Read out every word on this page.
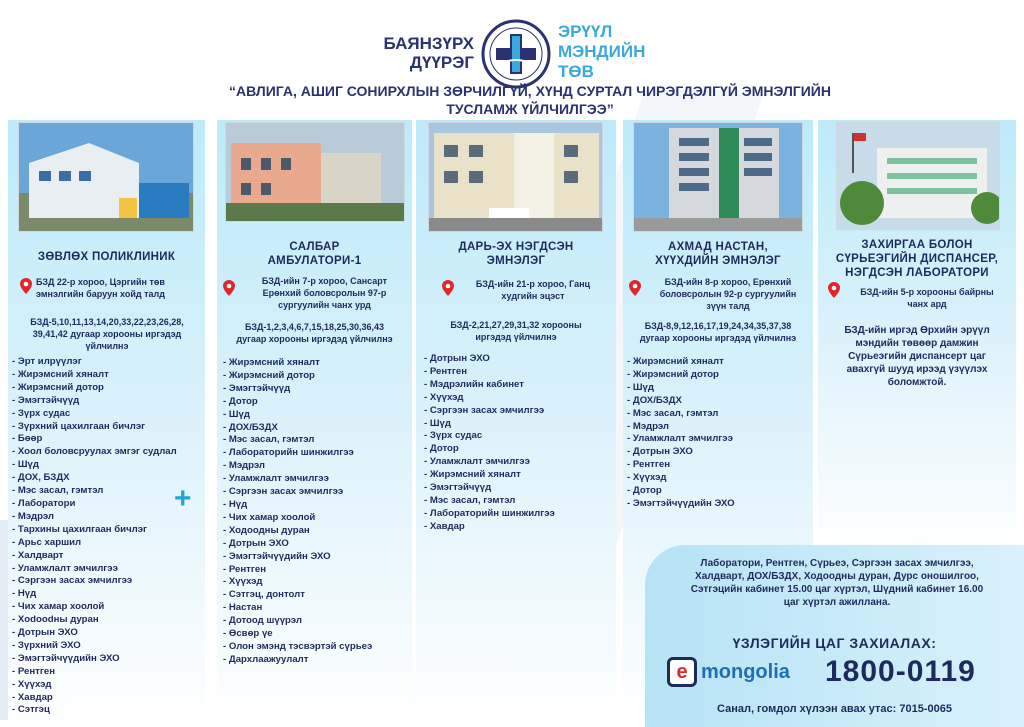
БАЯНЗҮРХ
ДҮҮРЭГ
ЭРҮҮЛ
МЭНДИЙН
ТӨВ
“АВЛИГА, АШИГ СОНИРХЛЫН ЗӨРЧИЛГҮЙ, ХҮНД СУРТАЛ ЧИРЭГДЭЛГҮЙ ЭМНЭЛГИЙН
ТУСЛАМЖ ҮЙЛЧИЛГЭЭ”
ЗӨВЛӨХ ПОЛИКЛИНИК
БЗД 22-р хороо, Цэргийн төв
эмнэлгийн баруун хойд талд
БЗД-5,10,11,13,14,20,33,22,23,26,28,
39,41,42 дугаар хорооны иргэдэд
үйлчилнэ
- Эрт илрүүлэг
- Жирэмсний хяналт
- Жирэмсний дотор
- Эмэгтэйчүүд
- Зүрх судас
- Зүрхний цахилгаан бичлэг
- Бөөр
- Хоол боловсруулах эмгэг судлал
- Шүд
- ДОХ, БЗДХ
- Мэс засал, гэмтэл
- Лаборатори
- Мэдрэл
- Тархины цахилгаан бичлэг
- Арьс харшил
- Халдварт
- Уламжлалт эмчилгээ
- Сэргээн засах эмчилгээ
- Нүд
- Чих хамар хоолой
- Хodoodны дуран
- Дотрын ЭХО
- Зүрхний ЭХО
- Эмэгтэйчүүдийн ЭХО
- Рентген
- Хүүхэд
- Хавдар
- Сэтгэц
+
САЛБАР
АМБУЛАТОРИ-1
БЗД-ийн 7-р хороо, Сансарт
Ерөнхий боловсролын 97-р
сургуулийн чанх урд
БЗД-1,2,3,4,6,7,15,18,25,30,36,43
дугаар хорооны иргэдэд үйлчилнэ
- Жирэмсний хяналт
- Жирэмсний дотор
- Эмэгтэйчүүд
- Дотор
- Шүд
- ДОХ/БЗДХ
- Мэс засал, гэмтэл
- Лабораторийн шинжилгээ
- Мэдрэл
- Уламжлалт эмчилгээ
- Сэргээн засах эмчилгээ
- Нүд
- Чих хамар хоолой
- Ходоодны дуран
- Дотрын ЭХО
- Эмэгтэйчүүдийн ЭХО
- Рентген
- Хүүхэд
- Сэтгэц, донтолт
- Настан
- Дотоод шүүрэл
- Өсвөр үе
- Олон эмэнд тэсвэртэй сүрьеэ
- Дархлаажуулалт
ДАРЬ-ЭХ НЭГДСЭН
ЭМНЭЛЭГ
БЗД-ийн 21-р хороо, Ганц
худгийн эцэст
БЗД-2,21,27,29,31,32 хорооны
иргэдэд үйлчилнэ
- Дотрын ЭХО
- Рентген
- Мэдрэлийн кабинет
- Хүүхэд
- Сэргээн засах эмчилгээ
- Шүд
- Зүрх судас
- Дотор
- Уламжлалт эмчилгээ
- Жирэмсний хяналт
- Эмэгтэйчүүд
- Мэс засал, гэмтэл
- Лабораторийн шинжилгээ
- Хавдар
АХМАД НАСТАН,
ХҮҮХДИЙН ЭМНЭЛЭГ
БЗД-ийн 8-р хороо, Ерөнхий
боловсролын 92-р сургуулийн
зүүн талд
БЗД-8,9,12,16,17,19,24,34,35,37,38
дугаар хорооны иргэдэд үйлчилнэ
- Жирэмсний хяналт
- Жирэмсний дотор
- Шүд
- ДОХ/БЗДХ
- Мэс засал, гэмтэл
- Мэдрэл
- Уламжлалт эмчилгээ
- Дотрын ЭХО
- Рентген
- Хүүхэд
- Дотор
- Эмэгтэйчүүдийн ЭХО
ЗАХИРГАА БОЛОН
СҮРЬЕЭГИЙН ДИСПАНСЕР,
НЭГДСЭН ЛАБОРАТОРИ
БЗД-ийн 5-р хорооны байрны
чанх ард
БЗД-ийн иргэд Өрхийн эрүүл
мэндийн төвөөр дамжин
Сүрьеэгийн диспансерт цаг
авахгүй шууд ирээд үзүүлэх
боломжтой.
Лаборатори, Рентген, Сүрьеэ, Сэргээн засах эмчилгээ,
Халдварт, ДОХ/БЗДХ, Ходоодны дуран, Дурс оношилгоо,
Сэтгэцийн кабинет 15.00 цаг хүртэл, Шүдний кабинет 16.00
цаг хүртэл ажиллана.
ҮЗЛЭГИЙН ЦАГ ЗАХИАЛАХ:
e mongolia 1800-0119
Санал, гомдол хүлээн авах утас: 7015-0065
